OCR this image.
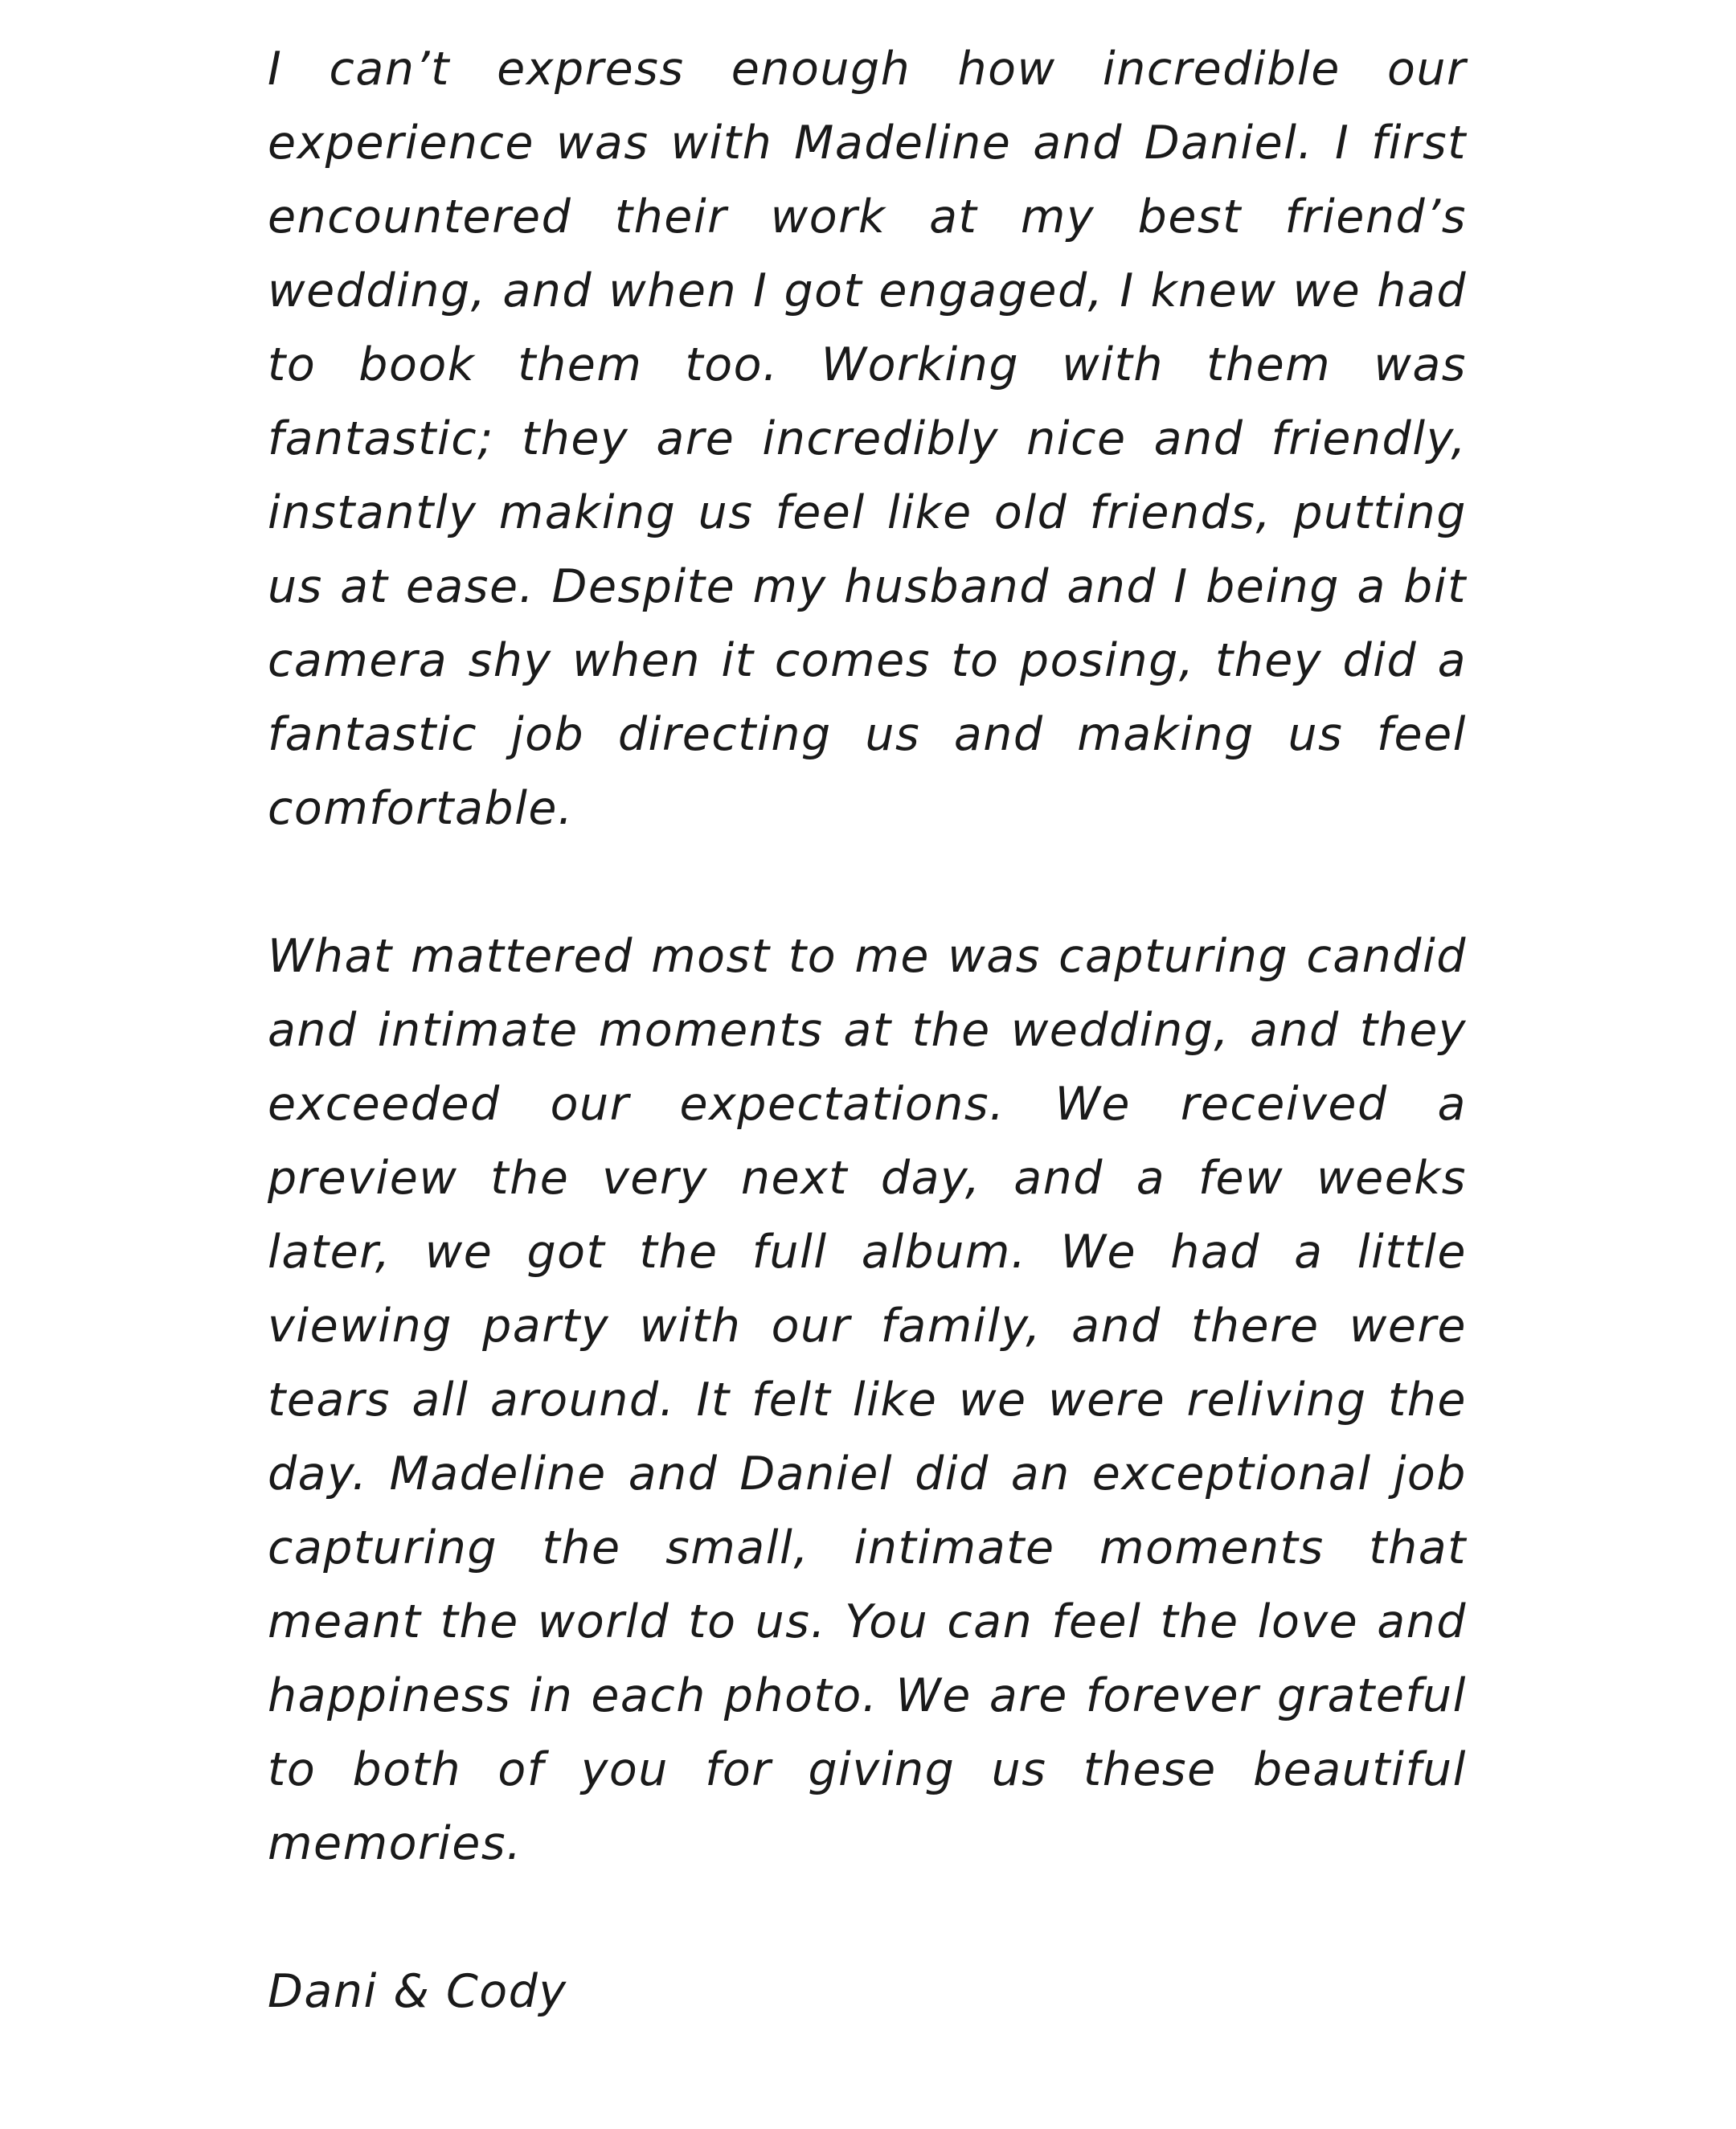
I can’t express enough how incredible our experience was with Madeline and Daniel. I first encountered their work at my best friend’s wedding, and when I got engaged, I knew we had to book them too. Working with them was fantastic; they are incredibly nice and friendly, instantly making us feel like old friends, putting us at ease. Despite my husband and I being a bit camera shy when it comes to posing, they did a fantastic job directing us and making us feel comfortable.

What mattered most to me was capturing candid and intimate moments at the wedding, and they exceeded our expectations. We received a preview the very next day, and a few weeks later, we got the full album. We had a little viewing party with our family, and there were tears all around. It felt like we were reliving the day. Madeline and Daniel did an exceptional job capturing the small, intimate moments that meant the world to us. You can feel the love and happiness in each photo. We are forever grateful to both of you for giving us these beautiful memories.

Dani & Cody
